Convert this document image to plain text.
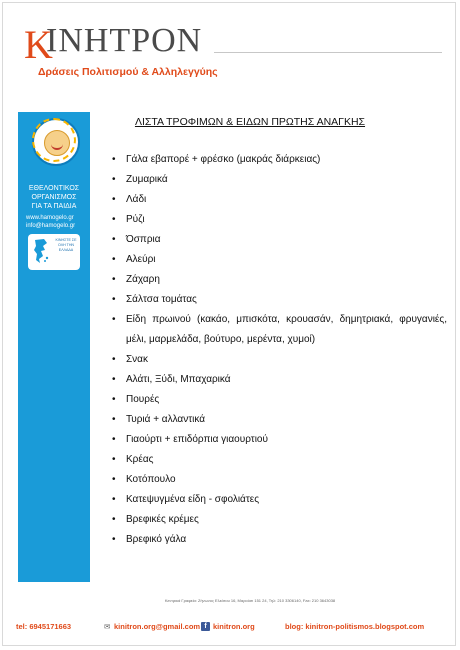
Κ
ΙΝΗΤΡΟΝ
Δράσεις Πολιτισμού & Αλληλεγγύης
ΕΘΕΛΟΝΤΙΚΟΣ
ΟΡΓΑΝΙΣΜΟΣ
ΓΙΑ ΤΑ ΠΑΙΔΙΑ
www.hamogelo.gr
info@hamogelo.gr
ΚΙΝΗΣΤΕ ΣΕ ΟΛΗ ΤΗΝ ΕΛΛΑΔΑ
ΛΙΣΤΑ ΤΡΟΦΙΜΩΝ & ΕΙΔΩΝ ΠΡΩΤΗΣ ΑΝΑΓΚΗΣ
• Γάλα εβαπορέ + φρέσκο (μακράς διάρκειας)
• Ζυμαρικά
• Λάδι
• Ρύζι
• Όσπρια
• Αλεύρι
• Ζάχαρη
• Σάλτσα τομάτας
• Είδη πρωινού (κακάο, μπισκότα, κρουασάν, δημητριακά, φρυγανιές, μέλι, μαρμελάδα, βούτυρο, μερέντα, χυμοί)
• Σνακ
• Αλάτι, Ξύδι, Μπαχαρικά
• Πουρές
• Τυριά + αλλαντικά
• Γιαούρτι + επιδόρπια γιαουρτιού
• Κρέας
• Κοτόπουλο
• Κατεψυγμένα είδη - σφολιάτες
• Βρεφικές κρέμες
• Βρεφικό γάλα
Κεντρικά Γραφεία: Ζήνωνος Ελεάτου 16, Μαρούσι 151 24, Τηλ: 210 3306140, Fax: 210 3643038
tel: 6945171663	✉ kinitron.org@gmail.com f kinitron.org	blog: kinitron-politismos.blogspot.com
